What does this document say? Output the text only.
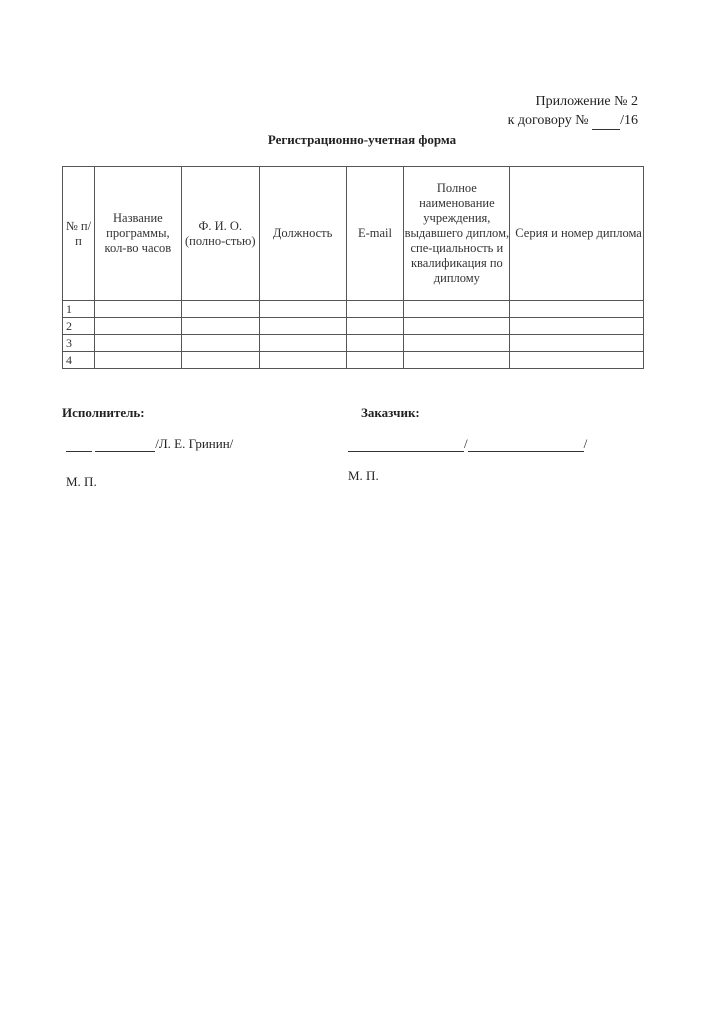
Приложение № 2
к договору № /16
Регистрационно-учетная форма
№ п/п	Название программы, кол-во часов	Ф. И. О. (полно-стью)	Должность	E-mail	Полное наименование учреждения, выдавшего диплом, спе-циальность и квалификация по диплому	Серия и номер диплома
1						
2						
3						
4						
Исполнитель:
/Л. Е. Гринин/
М. П.
Заказчик:
/	/
М. П.
